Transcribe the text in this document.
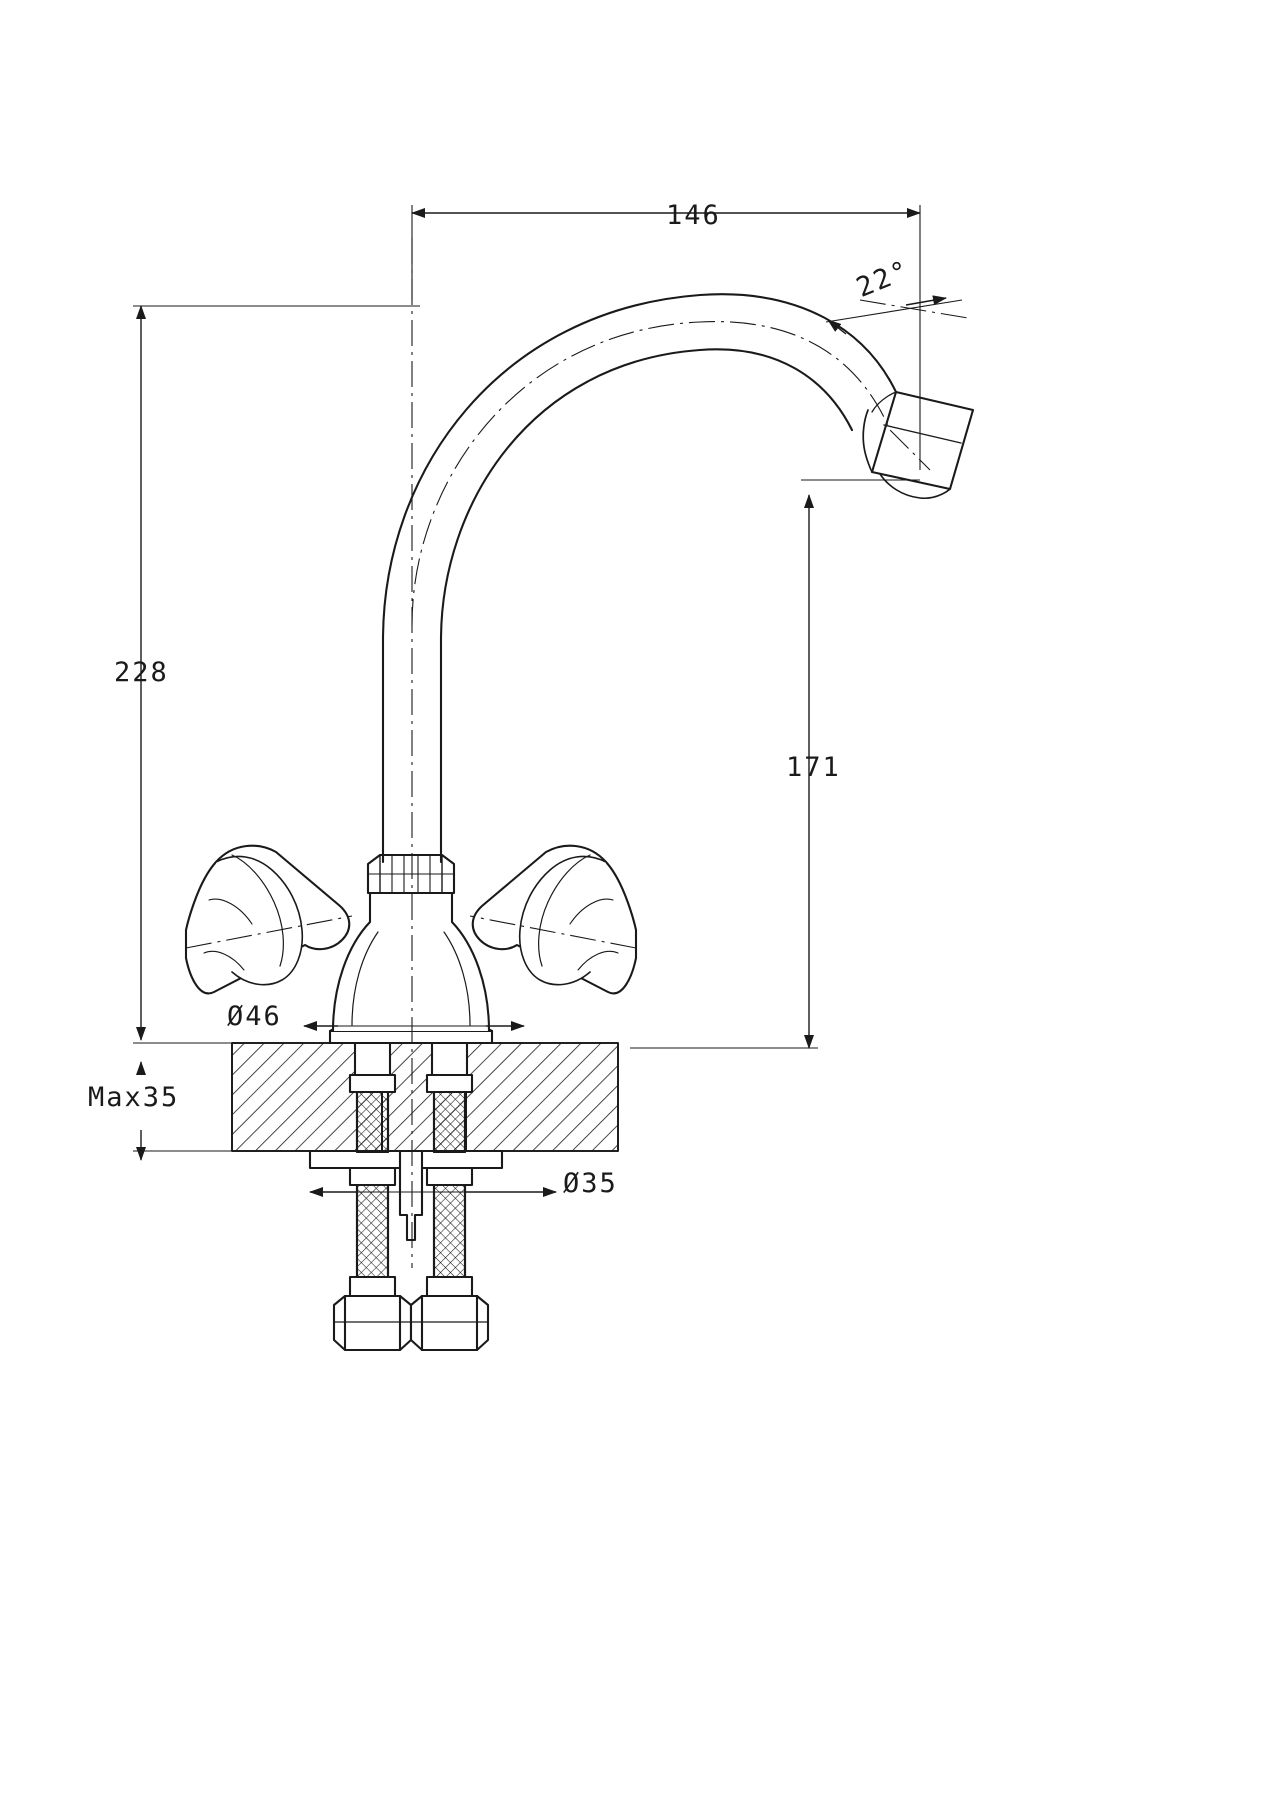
146
228
171
22°
Ø46
Ø35
Max35
